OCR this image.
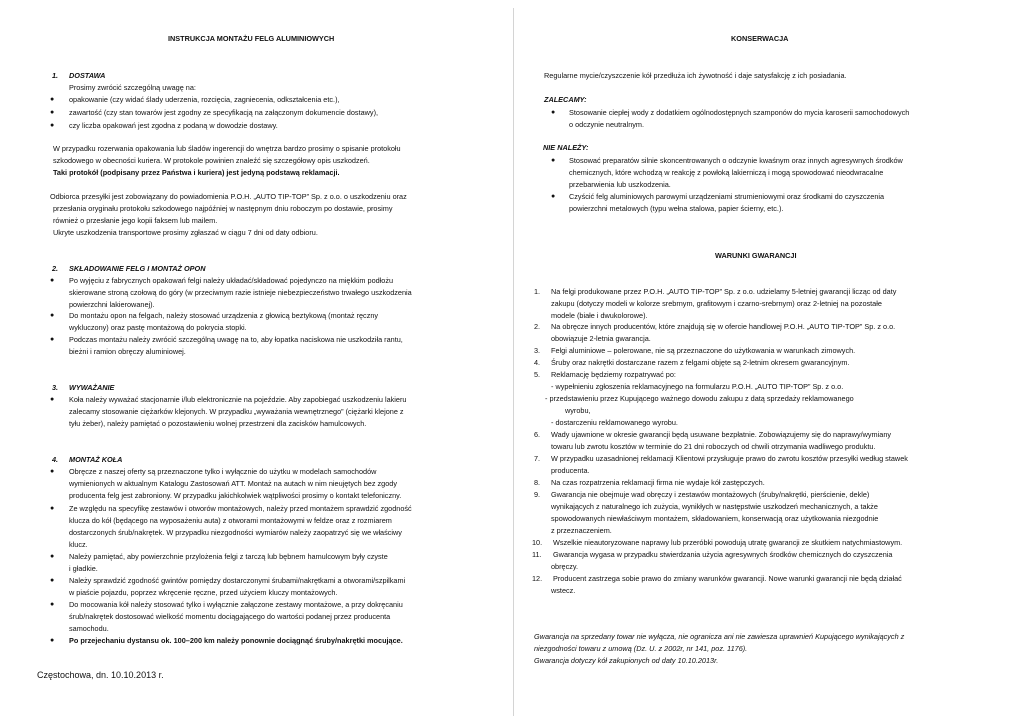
INSTRUKCJA MONTAŻU FELG ALUMINIOWYCH
1. DOSTAWA
Prosimy zwrócić szczególną uwagę na:
● opakowanie (czy widać ślady uderzenia, rozcięcia, zagniecenia, odkształcenia etc.),
● zawartość (czy stan towarów jest zgodny ze specyfikacją na załączonym dokumencie dostawy),
● czy liczba opakowań jest zgodna z podaną w dowodzie dostawy.
W przypadku rozerwania opakowania lub śladów ingerencji do wnętrza bardzo prosimy o spisanie protokołu
szkodowego w obecności kuriera. W protokole powinien znaleźć się szczegółowy opis uszkodzeń.
Taki protokół (podpisany przez Państwa i kuriera) jest jedyną podstawą reklamacji.
Odbiorca przesyłki jest zobowiązany do powiadomienia P.O.H. „AUTO TIP-TOP” Sp. z o.o. o uszkodzeniu oraz
przesłania oryginału protokołu szkodowego najpóźniej w następnym dniu roboczym po dostawie, prosimy
również o przesłanie jego kopii faksem lub mailem.
Ukryte uszkodzenia transportowe prosimy zgłaszać w ciągu 7 dni od daty odbioru.
2. SKŁADOWANIE FELG I MONTAŻ OPON
● Po wyjęciu z fabrycznych opakowań felgi należy układać/składować pojedynczo na miękkim podłożu
skierowane stroną czołową do góry (w przeciwnym razie istnieje niebezpieczeństwo trwałego uszkodzenia
powierzchni lakierowanej).
● Do montażu opon na felgach, należy stosować urządzenia z głowicą beztykową (montaż ręczny
wykluczony) oraz pastę montażową do pokrycia stopki.
● Podczas montażu należy zwrócić szczególną uwagę na to, aby łopatka naciskowa nie uszkodziła rantu,
bieżni i ramion obręczy aluminiowej.
3. WYWAŻANIE
● Koła należy wyważać stacjonarnie i/lub elektronicznie na pojeździe. Aby zapobiegać uszkodzeniu lakieru
zalecamy stosowanie ciężarków klejonych. W przypadku „wyważania wewnętrznego” (ciężarki klejone z
tyłu żeber), należy pamiętać o pozostawieniu wolnej przestrzeni dla zacisków hamulcowych.
4. MONTAŻ KOŁA
● Obręcze z naszej oferty są przeznaczone tylko i wyłącznie do użytku w modelach samochodów
wymienionych w aktualnym Katalogu Zastosowań ATT. Montaż na autach w nim nieujętych bez zgody
producenta felg jest zabroniony. W przypadku jakichkolwiek wątpliwości prosimy o kontakt telefoniczny.
● Ze względu na specyfikę zestawów i otworów montażowych, należy przed montażem sprawdzić zgodność
klucza do kół (będącego na wyposażeniu auta) z otworami montażowymi w feldze oraz z rozmiarem
dostarczonych śrub/nakrętek. W przypadku niezgodności wymiarów należy zaopatrzyć się we właściwy
klucz.
● Należy pamiętać, aby powierzchnie przylożenia felgi z tarczą lub bębnem hamulcowym były czyste
i gładkie.
● Należy sprawdzić zgodność gwintów pomiędzy dostarczonymi śrubami/nakrętkami a otworami/szpilkami
w piaście pojazdu, poprzez wkręcenie ręczne, przed użyciem kluczy montażowych.
● Do mocowania kół należy stosować tylko i wyłącznie załączone zestawy montażowe, a przy dokręcaniu
śrub/nakrętek dostosować wielkość momentu dociągającego do wartości podanej przez producenta
samochodu.
● Po przejechaniu dystansu ok. 100–200 km należy ponownie dociągnąć śruby/nakrętki mocujące.
Częstochowa, dn. 10.10.2013 r.
KONSERWACJA
Regularne mycie/czyszczenie kół przedłuża ich żywotność i daje satysfakcję z ich posiadania.
ZALECAMY:
● Stosowanie ciepłej wody z dodatkiem ogólnodostępnych szamponów do mycia karoserii samochodowych
o odczynie neutralnym.
NIE NALEŻY:
● Stosować preparatów silnie skoncentrowanych o odczynie kwaśnym oraz innych agresywnych środków
chemicznych, które wchodzą w reakcję z powłoką lakierniczą i mogą spowodować nieodwracalne
przebarwienia lub uszkodzenia.
● Czyścić felg aluminiowych parowymi urządzeniami strumieniowymi oraz środkami do czyszczenia
powierzchni metalowych (typu wełna stalowa, papier ścierny, etc.).
WARUNKI GWARANCJI
1. Na felgi produkowane przez P.O.H. „AUTO TIP-TOP” Sp. z o.o. udzielamy 5-letniej gwarancji licząc od daty
zakupu (dotyczy modeli w kolorze srebrnym, grafitowym i czarno-srebrnym) oraz 2-letniej na pozostałe
modele (białe i dwukolorowe).
2. Na obręcze innych producentów, które znajdują się w ofercie handlowej P.O.H. „AUTO TIP-TOP” Sp. z o.o.
obowiązuje 2-letnia gwarancja.
3. Felgi aluminiowe – polerowane, nie są przeznaczone do użytkowania w warunkach zimowych.
4. Śruby oraz nakrętki dostarczane razem z felgami objęte są 2-letnim okresem gwarancyjnym.
5. Reklamację będziemy rozpatrywać po:
- wypełnieniu zgłoszenia reklamacyjnego na formularzu P.O.H. „AUTO TIP-TOP” Sp. z o.o.
- przedstawieniu przez Kupującego ważnego dowodu zakupu z datą sprzedaży reklamowanego
wyrobu,
- dostarczeniu reklamowanego wyrobu.
6. Wady ujawnione w okresie gwarancji będą usuwane bezpłatnie. Zobowiązujemy się do naprawy/wymiany
towaru lub zwrotu kosztów w terminie do 21 dni roboczych od chwili otrzymania wadliwego produktu.
7. W przypadku uzasadnionej reklamacji Klientowi przysługuje prawo do zwrotu kosztów przesyłki według stawek
producenta.
8. Na czas rozpatrzenia reklamacji firma nie wydaje kół zastępczych.
9. Gwarancja nie obejmuje wad obręczy i zestawów montażowych (śruby/nakrętki, pierścienie, dekle)
wynikających z naturalnego ich zużycia, wynikłych w następstwie uszkodzeń mechanicznych, a także
spowodowanych niewłaściwym montażem, składowaniem, konserwacją oraz użytkowania niezgodnie
z przeznaczeniem.
10. Wszelkie nieautoryzowane naprawy lub przeróbki powodują utratę gwarancji ze skutkiem natychmiastowym.
11. Gwarancja wygasa w przypadku stwierdzania użycia agresywnych środków chemicznych do czyszczenia
obręczy.
12. Producent zastrzega sobie prawo do zmiany warunków gwarancji. Nowe warunki gwarancji nie będą działać
wstecz.
Gwarancja na sprzedany towar nie wyłącza, nie ogranicza ani nie zawiesza uprawnień Kupującego wynikających z
niezgodności towaru z umową (Dz. U. z 2002r, nr 141, poz. 1176).
Gwarancja dotyczy kół zakupionych od daty 10.10.2013r.
